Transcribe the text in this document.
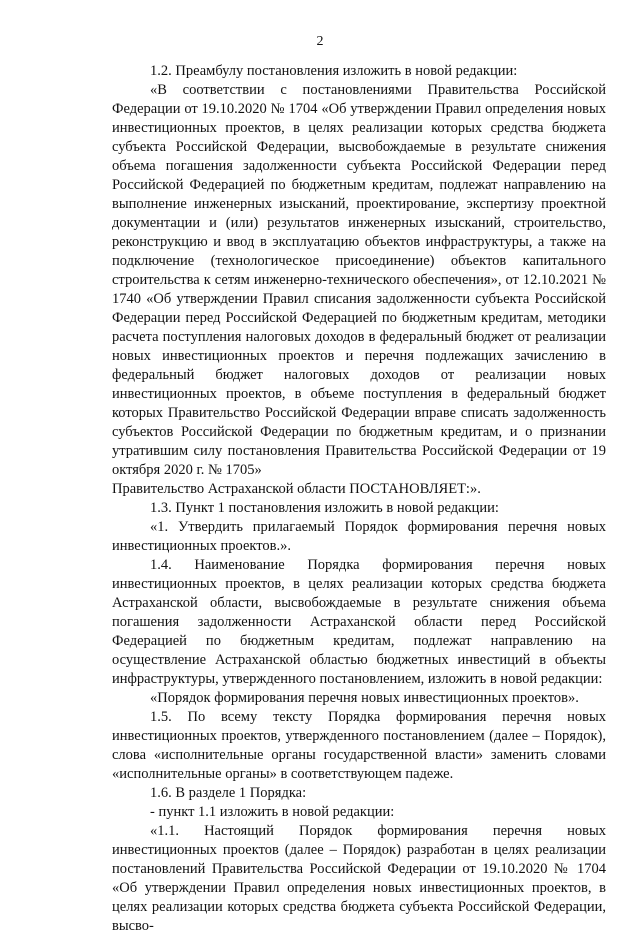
2

1.2. Преамбулу постановления изложить в новой редакции:

«В соответствии с постановлениями Правительства Российской Федерации от 19.10.2020 № 1704 «Об утверждении Правил определения новых инвестиционных проектов, в целях реализации которых средства бюджета субъекта Российской Федерации, высвобождаемые в результате снижения объема погашения задолженности субъекта Российской Федерации перед Российской Федерацией по бюджетным кредитам, подлежат направлению на выполнение инженерных изысканий, проектирование, экспертизу проектной документации и (или) результатов инженерных изысканий, строительство, реконструкцию и ввод в эксплуатацию объектов инфраструктуры, а также на подключение (технологическое присоединение) объектов капитального строительства к сетям инженерно-технического обеспечения», от 12.10.2021 № 1740 «Об утверждении Правил списания задолженности субъекта Российской Федерации перед Российской Федерацией по бюджетным кредитам, методики расчета поступления налоговых доходов в федеральный бюджет от реализации новых инвестиционных проектов и перечня подлежащих зачислению в федеральный бюджет налоговых доходов от реализации новых инвестиционных проектов, в объеме поступления в федеральный бюджет которых Правительство Российской Федерации вправе списать задолженность субъектов Российской Федерации по бюджетным кредитам, и о признании утратившим силу постановления Правительства Российской Федерации от 19 октября 2020 г. № 1705»

Правительство Астраханской области ПОСТАНОВЛЯЕТ:».

1.3. Пункт 1 постановления изложить в новой редакции:

«1. Утвердить прилагаемый Порядок формирования перечня новых инвестиционных проектов.».

1.4. Наименование Порядка формирования перечня новых инвестиционных проектов, в целях реализации которых средства бюджета Астраханской области, высвобождаемые в результате снижения объема погашения задолженности Астраханской области перед Российской Федерацией по бюджетным кредитам, подлежат направлению на осуществление Астраханской областью бюджетных инвестиций в объекты инфраструктуры, утвержденного постановлением, изложить в новой редакции:

«Порядок формирования перечня новых инвестиционных проектов».

1.5. По всему тексту Порядка формирования перечня новых инвестиционных проектов, утвержденного постановлением (далее – Порядок), слова «исполнительные органы государственной власти» заменить словами «исполнительные органы» в соответствующем падеже.

1.6. В разделе 1 Порядка:

- пункт 1.1 изложить в новой редакции:

«1.1. Настоящий Порядок формирования перечня новых инвестиционных проектов (далее – Порядок) разработан в целях реализации постановлений Правительства Российской Федерации от 19.10.2020 № 1704 «Об утверждении Правил определения новых инвестиционных проектов, в целях реализации которых средства бюджета субъекта Российской Федерации, высво-
